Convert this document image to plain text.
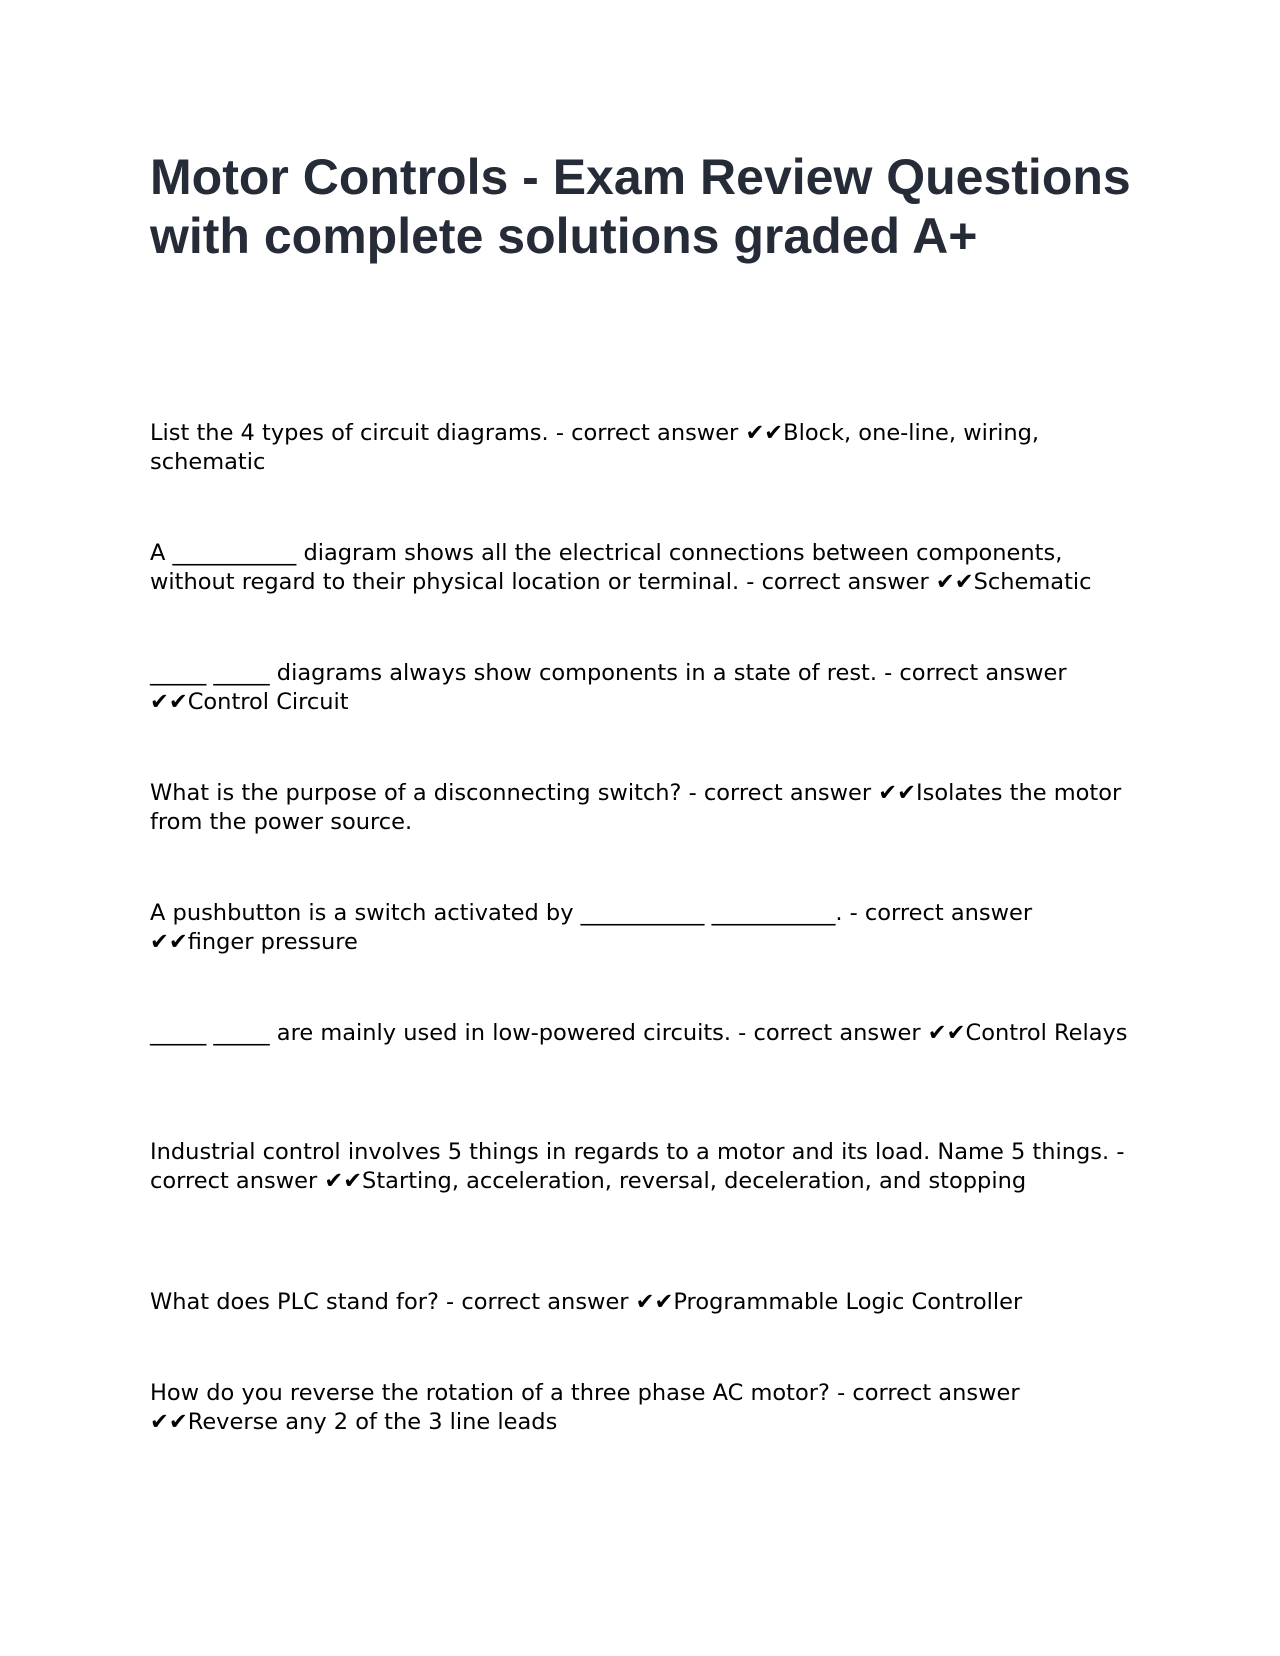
Motor Controls - Exam Review Questions with complete solutions graded A+

List the 4 types of circuit diagrams. - correct answer ✔✔Block, one-line, wiring, schematic

A ___________ diagram shows all the electrical connections between components, without regard to their physical location or terminal. - correct answer ✔✔Schematic

_____ _____ diagrams always show components in a state of rest. - correct answer ✔✔Control Circuit

What is the purpose of a disconnecting switch? - correct answer ✔✔Isolates the motor from the power source.

A pushbutton is a switch activated by ___________ ___________. - correct answer ✔✔finger pressure

_____ _____ are mainly used in low-powered circuits. - correct answer ✔✔Control Relays

Industrial control involves 5 things in regards to a motor and its load. Name 5 things. - correct answer ✔✔Starting, acceleration, reversal, deceleration, and stopping

What does PLC stand for? - correct answer ✔✔Programmable Logic Controller

How do you reverse the rotation of a three phase AC motor? - correct answer ✔✔Reverse any 2 of the 3 line leads
